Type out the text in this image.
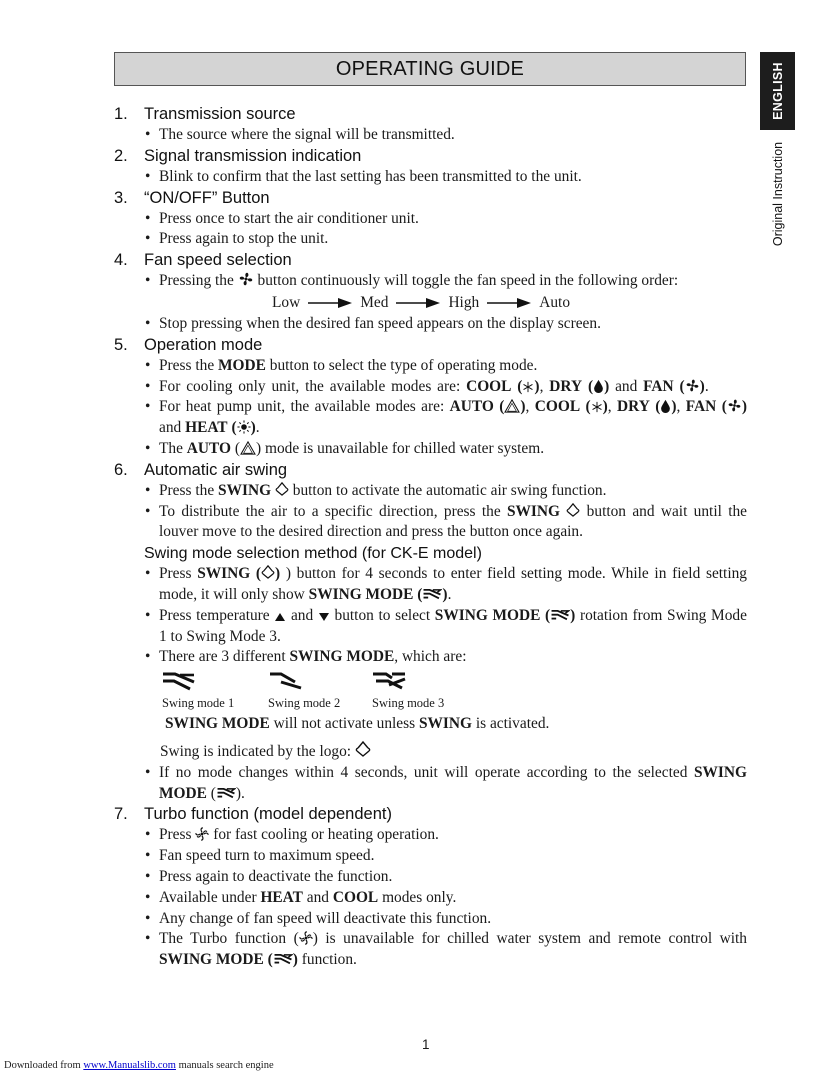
OPERATING GUIDE	ENGLISH
Original Instruction
1. Transmission source

• The source where the signal will be transmitted.

2. Signal transmission indication

• Blink to confirm that the last setting has been transmitted to the unit.

3. “ON/OFF” Button

• Press once to start the air conditioner unit.

• Press again to stop the unit.

4. Fan speed selection

• Pressing the button continuously will toggle the fan speed in the following order:

Low	Med	High	Auto

• Stop pressing when the desired fan speed appears on the display screen.

5. Operation mode

• Press the MODE button to select the type of operating mode.

• For cooling only unit, the available modes are: COOL ( ), DRY ( ) and FAN ( ).

• For heat pump unit, the available modes are: AUTO ( ), COOL ( ), DRY ( ), FAN ( ) and HEAT ( ).

• The AUTO ( ) mode is unavailable for chilled water system.

6. Automatic air swing

• Press the SWING button to activate the automatic air swing function.

• To distribute the air to a specific direction, press the SWING button and wait until the louver move to the desired direction and press the button once again.

Swing mode selection method (for CK-E model)

• Press SWING ( ) ) button for 4 seconds to enter field setting mode. While in field setting mode, it will only show SWING MODE ( ).

• Press temperature and button to select SWING MODE ( ) rotation from Swing Mode 1 to Swing Mode 3.

• There are 3 different SWING MODE, which are:

Swing mode 1	Swing mode 2	Swing mode 3

SWING MODE will not activate unless SWING is activated.

Swing is indicated by the logo:

• If no mode changes within 4 seconds, unit will operate according to the selected SWING MODE ( ).

7. Turbo function (model dependent)

• Press for fast cooling or heating operation.

• Fan speed turn to maximum speed.

• Press again to deactivate the function.

• Available under HEAT and COOL modes only.

• Any change of fan speed will deactivate this function.

• The Turbo function ( ) is unavailable for chilled water system and remote control with SWING MODE ( ) function.

1
Downloaded from www.Manualslib.com manuals search engine
